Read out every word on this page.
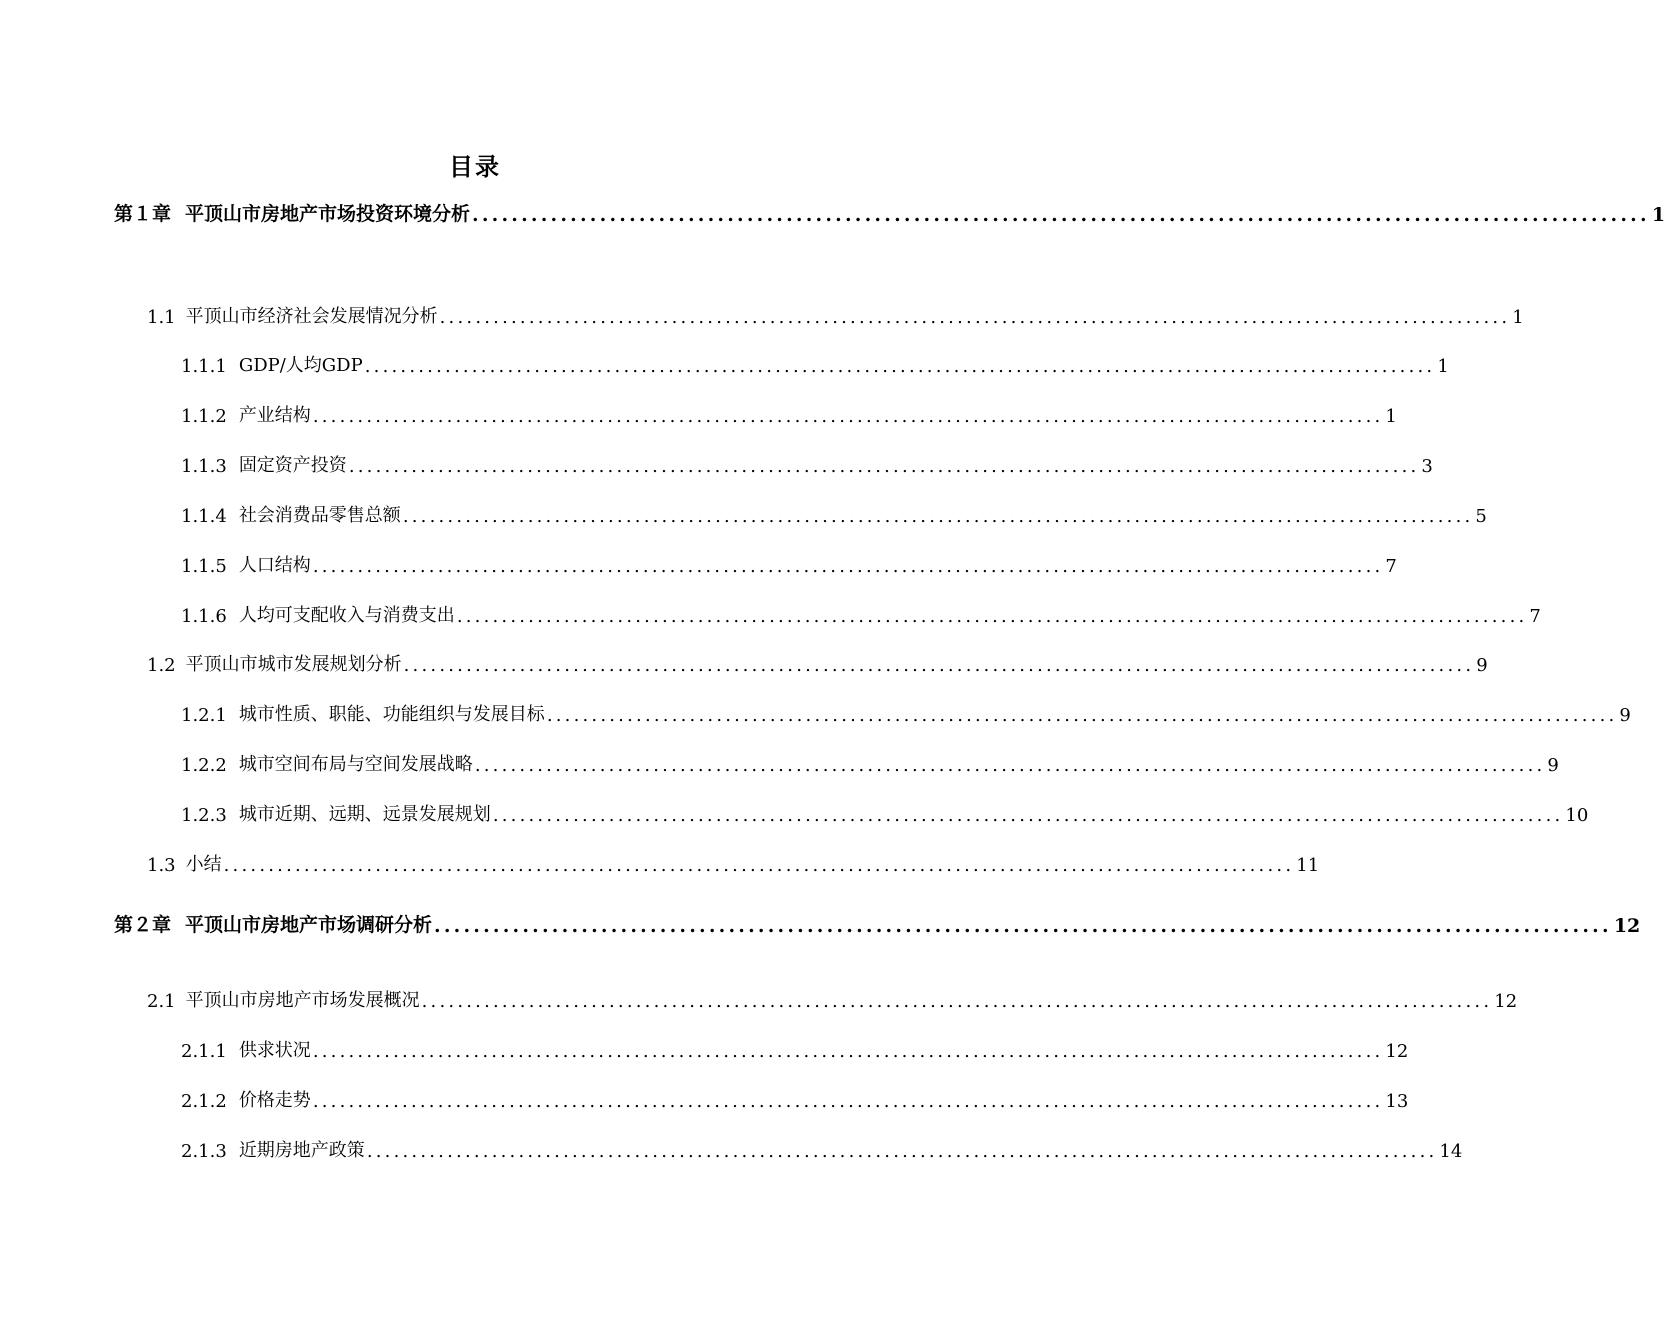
目录
第１章 平顶山市房地产市场投资环境分析 ........................................................................................................................ 1
1.1 平顶山市经济社会发展情况分析 ........................................................................................................................ 1
1.1.1 GDP/人均GDP ........................................................................................................................ 1
1.1.2 产业结构 ........................................................................................................................ 1
1.1.3 固定资产投资 ........................................................................................................................ 3
1.1.4 社会消费品零售总额 ........................................................................................................................ 5
1.1.5 人口结构 ........................................................................................................................ 7
1.1.6 人均可支配收入与消费支出 ........................................................................................................................ 7
1.2 平顶山市城市发展规划分析 ........................................................................................................................ 9
1.2.1 城市性质、职能、功能组织与发展目标 ........................................................................................................................ 9
1.2.2 城市空间布局与空间发展战略 ........................................................................................................................ 9
1.2.3 城市近期、远期、远景发展规划 ........................................................................................................................ 10
1.3 小结 ........................................................................................................................ 11
第２章 平顶山市房地产市场调研分析 ........................................................................................................................ 12
2.1 平顶山市房地产市场发展概况 ........................................................................................................................ 12
2.1.1 供求状况 ........................................................................................................................ 12
2.1.2 价格走势 ........................................................................................................................ 13
2.1.3 近期房地产政策 ........................................................................................................................ 14
